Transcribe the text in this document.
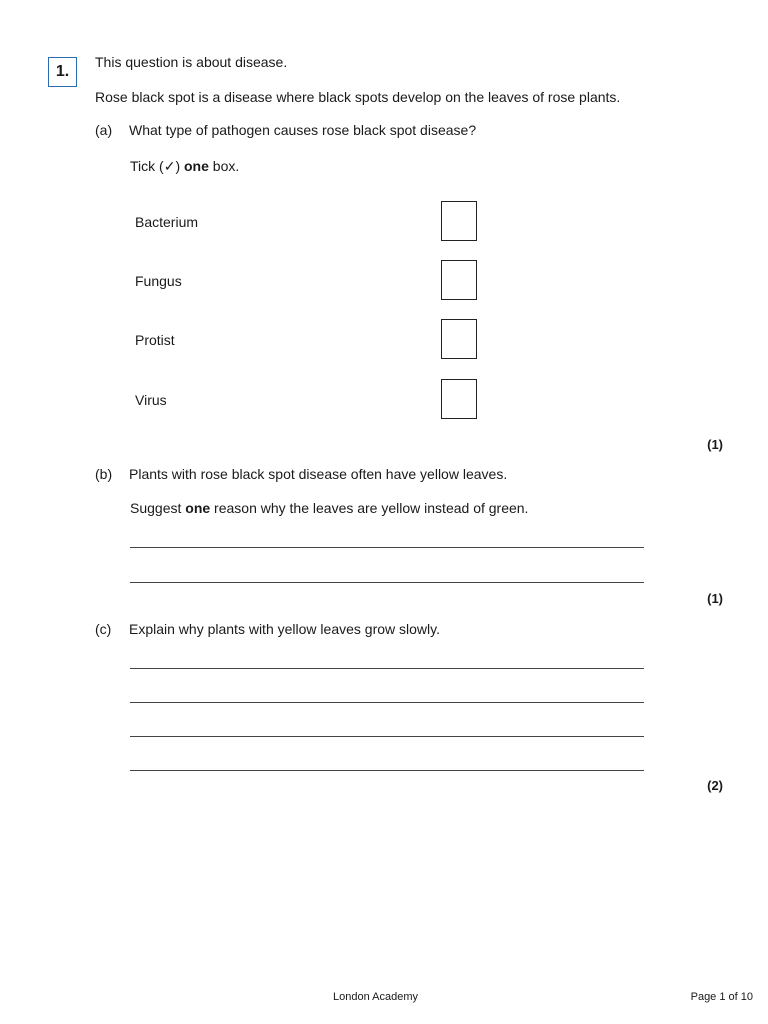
1.
This question is about disease.
Rose black spot is a disease where black spots develop on the leaves of rose plants.
(a) What type of pathogen causes rose black spot disease?
Tick (✓) one box.
Bacterium
Fungus
Protist
Virus
(1)
(b) Plants with rose black spot disease often have yellow leaves.
Suggest one reason why the leaves are yellow instead of green.
(1)
(c) Explain why plants with yellow leaves grow slowly.
(2)
London Academy	Page 1 of 10
